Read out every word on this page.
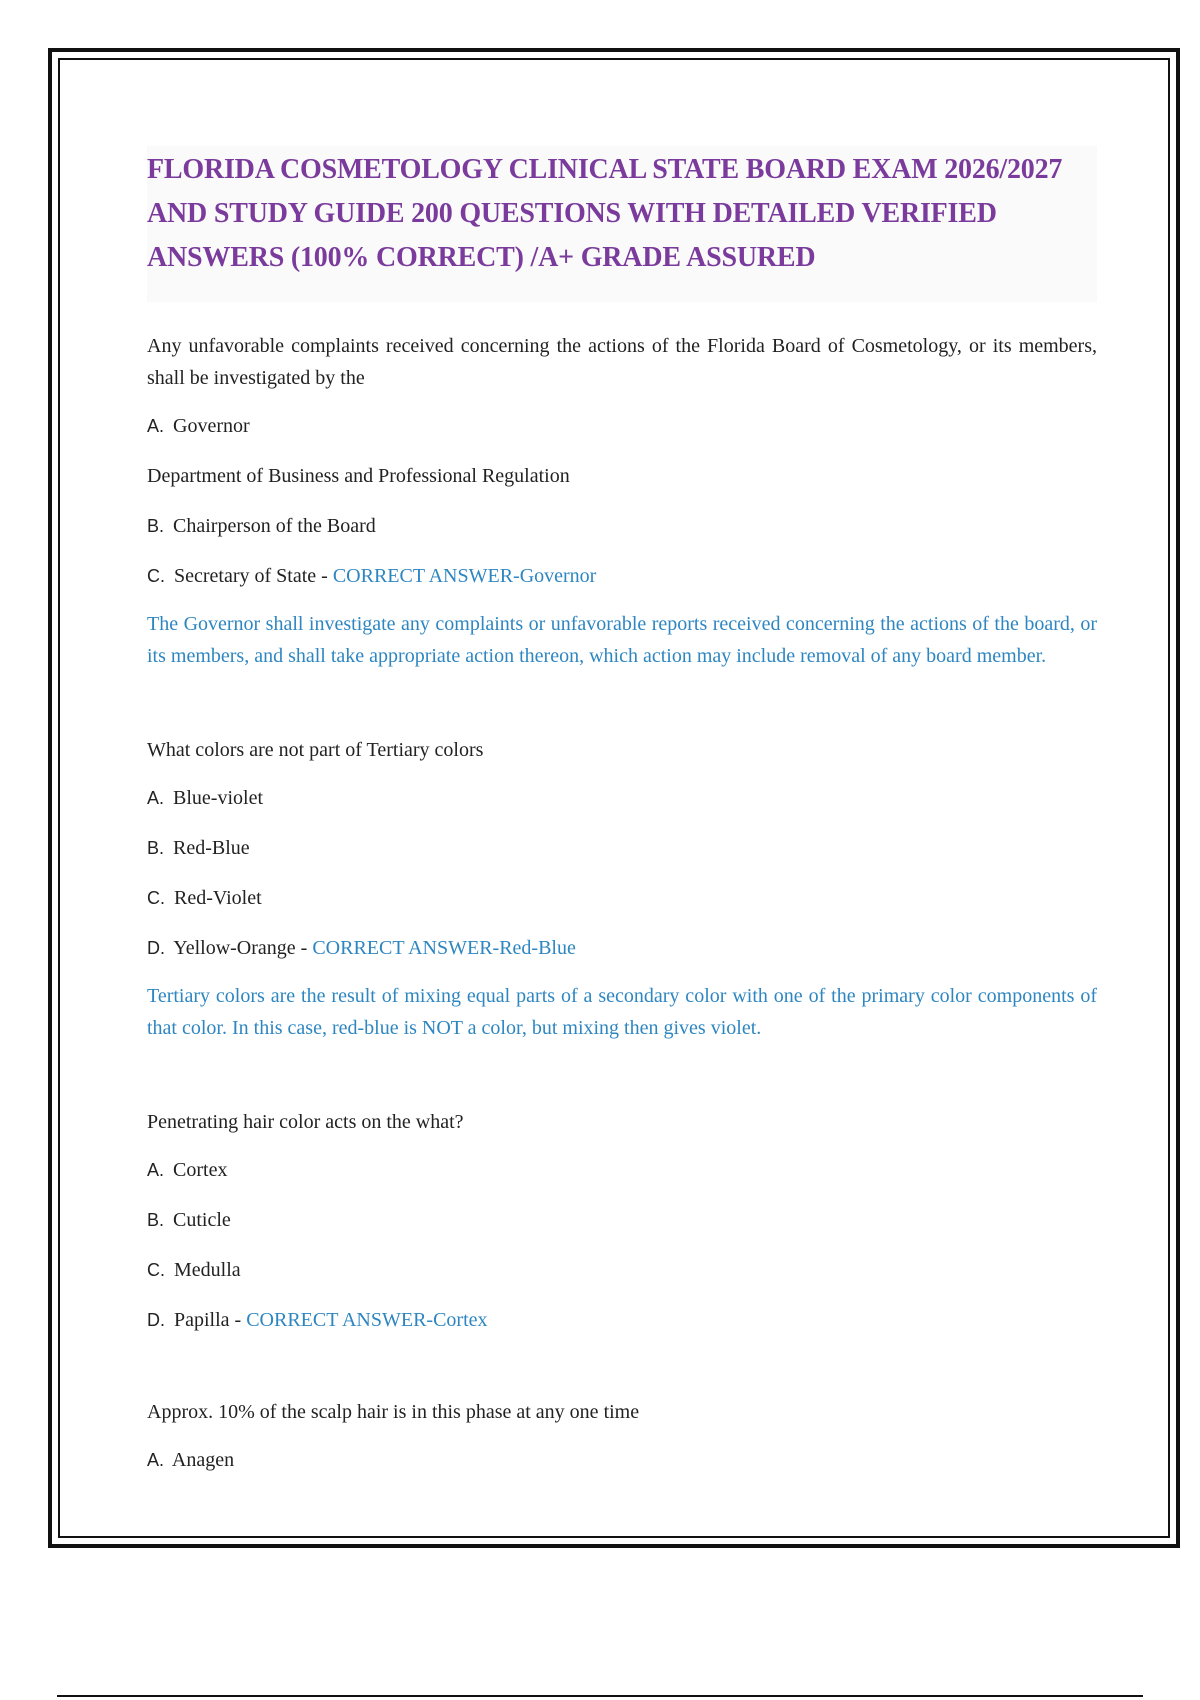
FLORIDA COSMETOLOGY CLINICAL STATE BOARD EXAM 2026/2027 AND STUDY GUIDE 200 QUESTIONS WITH DETAILED VERIFIED ANSWERS (100% CORRECT) /A+ GRADE ASSURED

Any unfavorable complaints received concerning the actions of the Florida Board of Cosmetology, or its members, shall be investigated by the

A. Governor

Department of Business and Professional Regulation

B. Chairperson of the Board

C. Secretary of State - CORRECT ANSWER-Governor

The Governor shall investigate any complaints or unfavorable reports received concerning the actions of the board, or its members, and shall take appropriate action thereon, which action may include removal of any board member.

What colors are not part of Tertiary colors

A. Blue-violet

B. Red-Blue

C. Red-Violet

D. Yellow-Orange - CORRECT ANSWER-Red-Blue

Tertiary colors are the result of mixing equal parts of a secondary color with one of the primary color components of that color. In this case, red-blue is NOT a color, but mixing then gives violet.

Penetrating hair color acts on the what?

A. Cortex

B. Cuticle

C. Medulla

D. Papilla - CORRECT ANSWER-Cortex

Approx. 10% of the scalp hair is in this phase at any one time

A. Anagen
